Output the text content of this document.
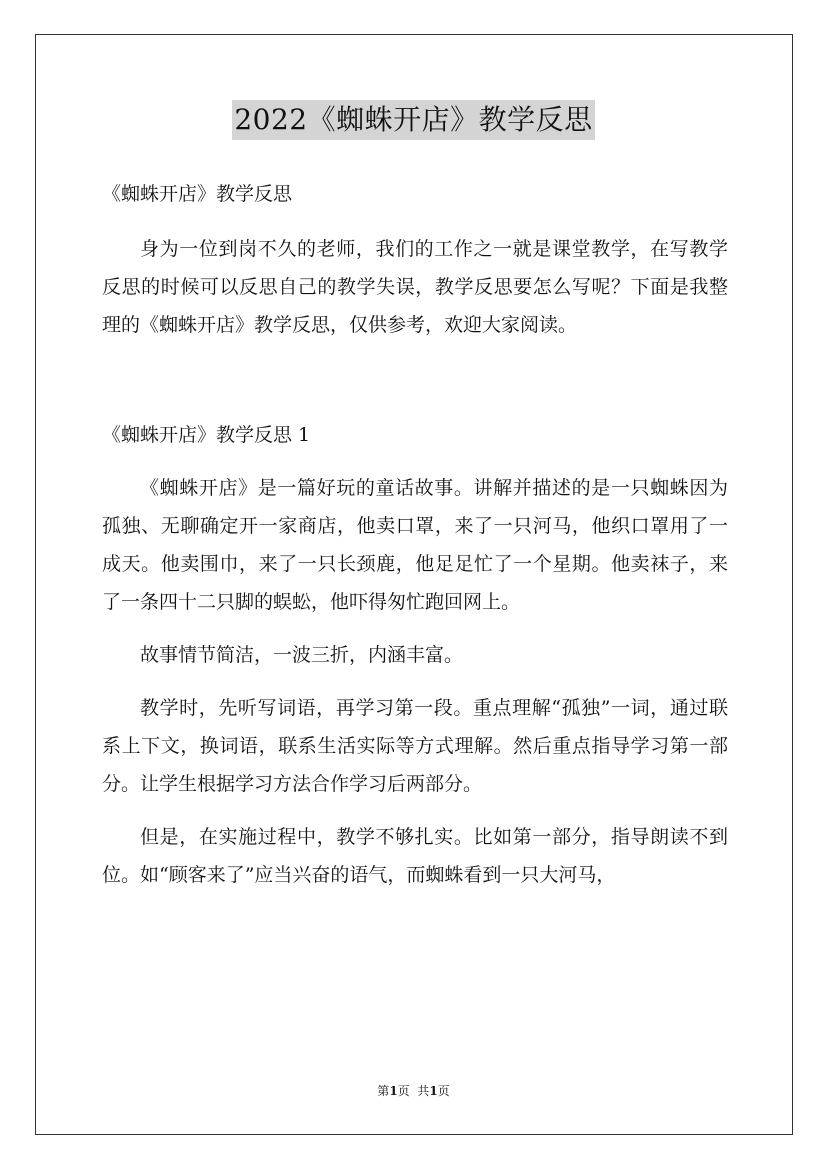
2022《蜘蛛开店》教学反思

《蜘蛛开店》教学反思

身为一位到岗不久的老师，我们的工作之一就是课堂教学，在写教学反思的时候可以反思自己的教学失误，教学反思要怎么写呢？下面是我整理的《蜘蛛开店》教学反思，仅供参考，欢迎大家阅读。

《蜘蛛开店》教学反思 1

《蜘蛛开店》是一篇好玩的童话故事。讲解并描述的是一只蜘蛛因为孤独、无聊确定开一家商店，他卖口罩，来了一只河马，他织口罩用了一成天。他卖围巾，来了一只长颈鹿，他足足忙了一个星期。他卖袜子，来了一条四十二只脚的蜈蚣，他吓得匆忙跑回网上。

故事情节简洁，一波三折，内涵丰富。

教学时，先听写词语，再学习第一段。重点理解“孤独”一词，通过联系上下文，换词语，联系生活实际等方式理解。然后重点指导学习第一部分。让学生根据学习方法合作学习后两部分。

但是，在实施过程中，教学不够扎实。比如第一部分，指导朗读不到位。如“顾客来了”应当兴奋的语气，而蜘蛛看到一只大河马，

第1页  共1页
